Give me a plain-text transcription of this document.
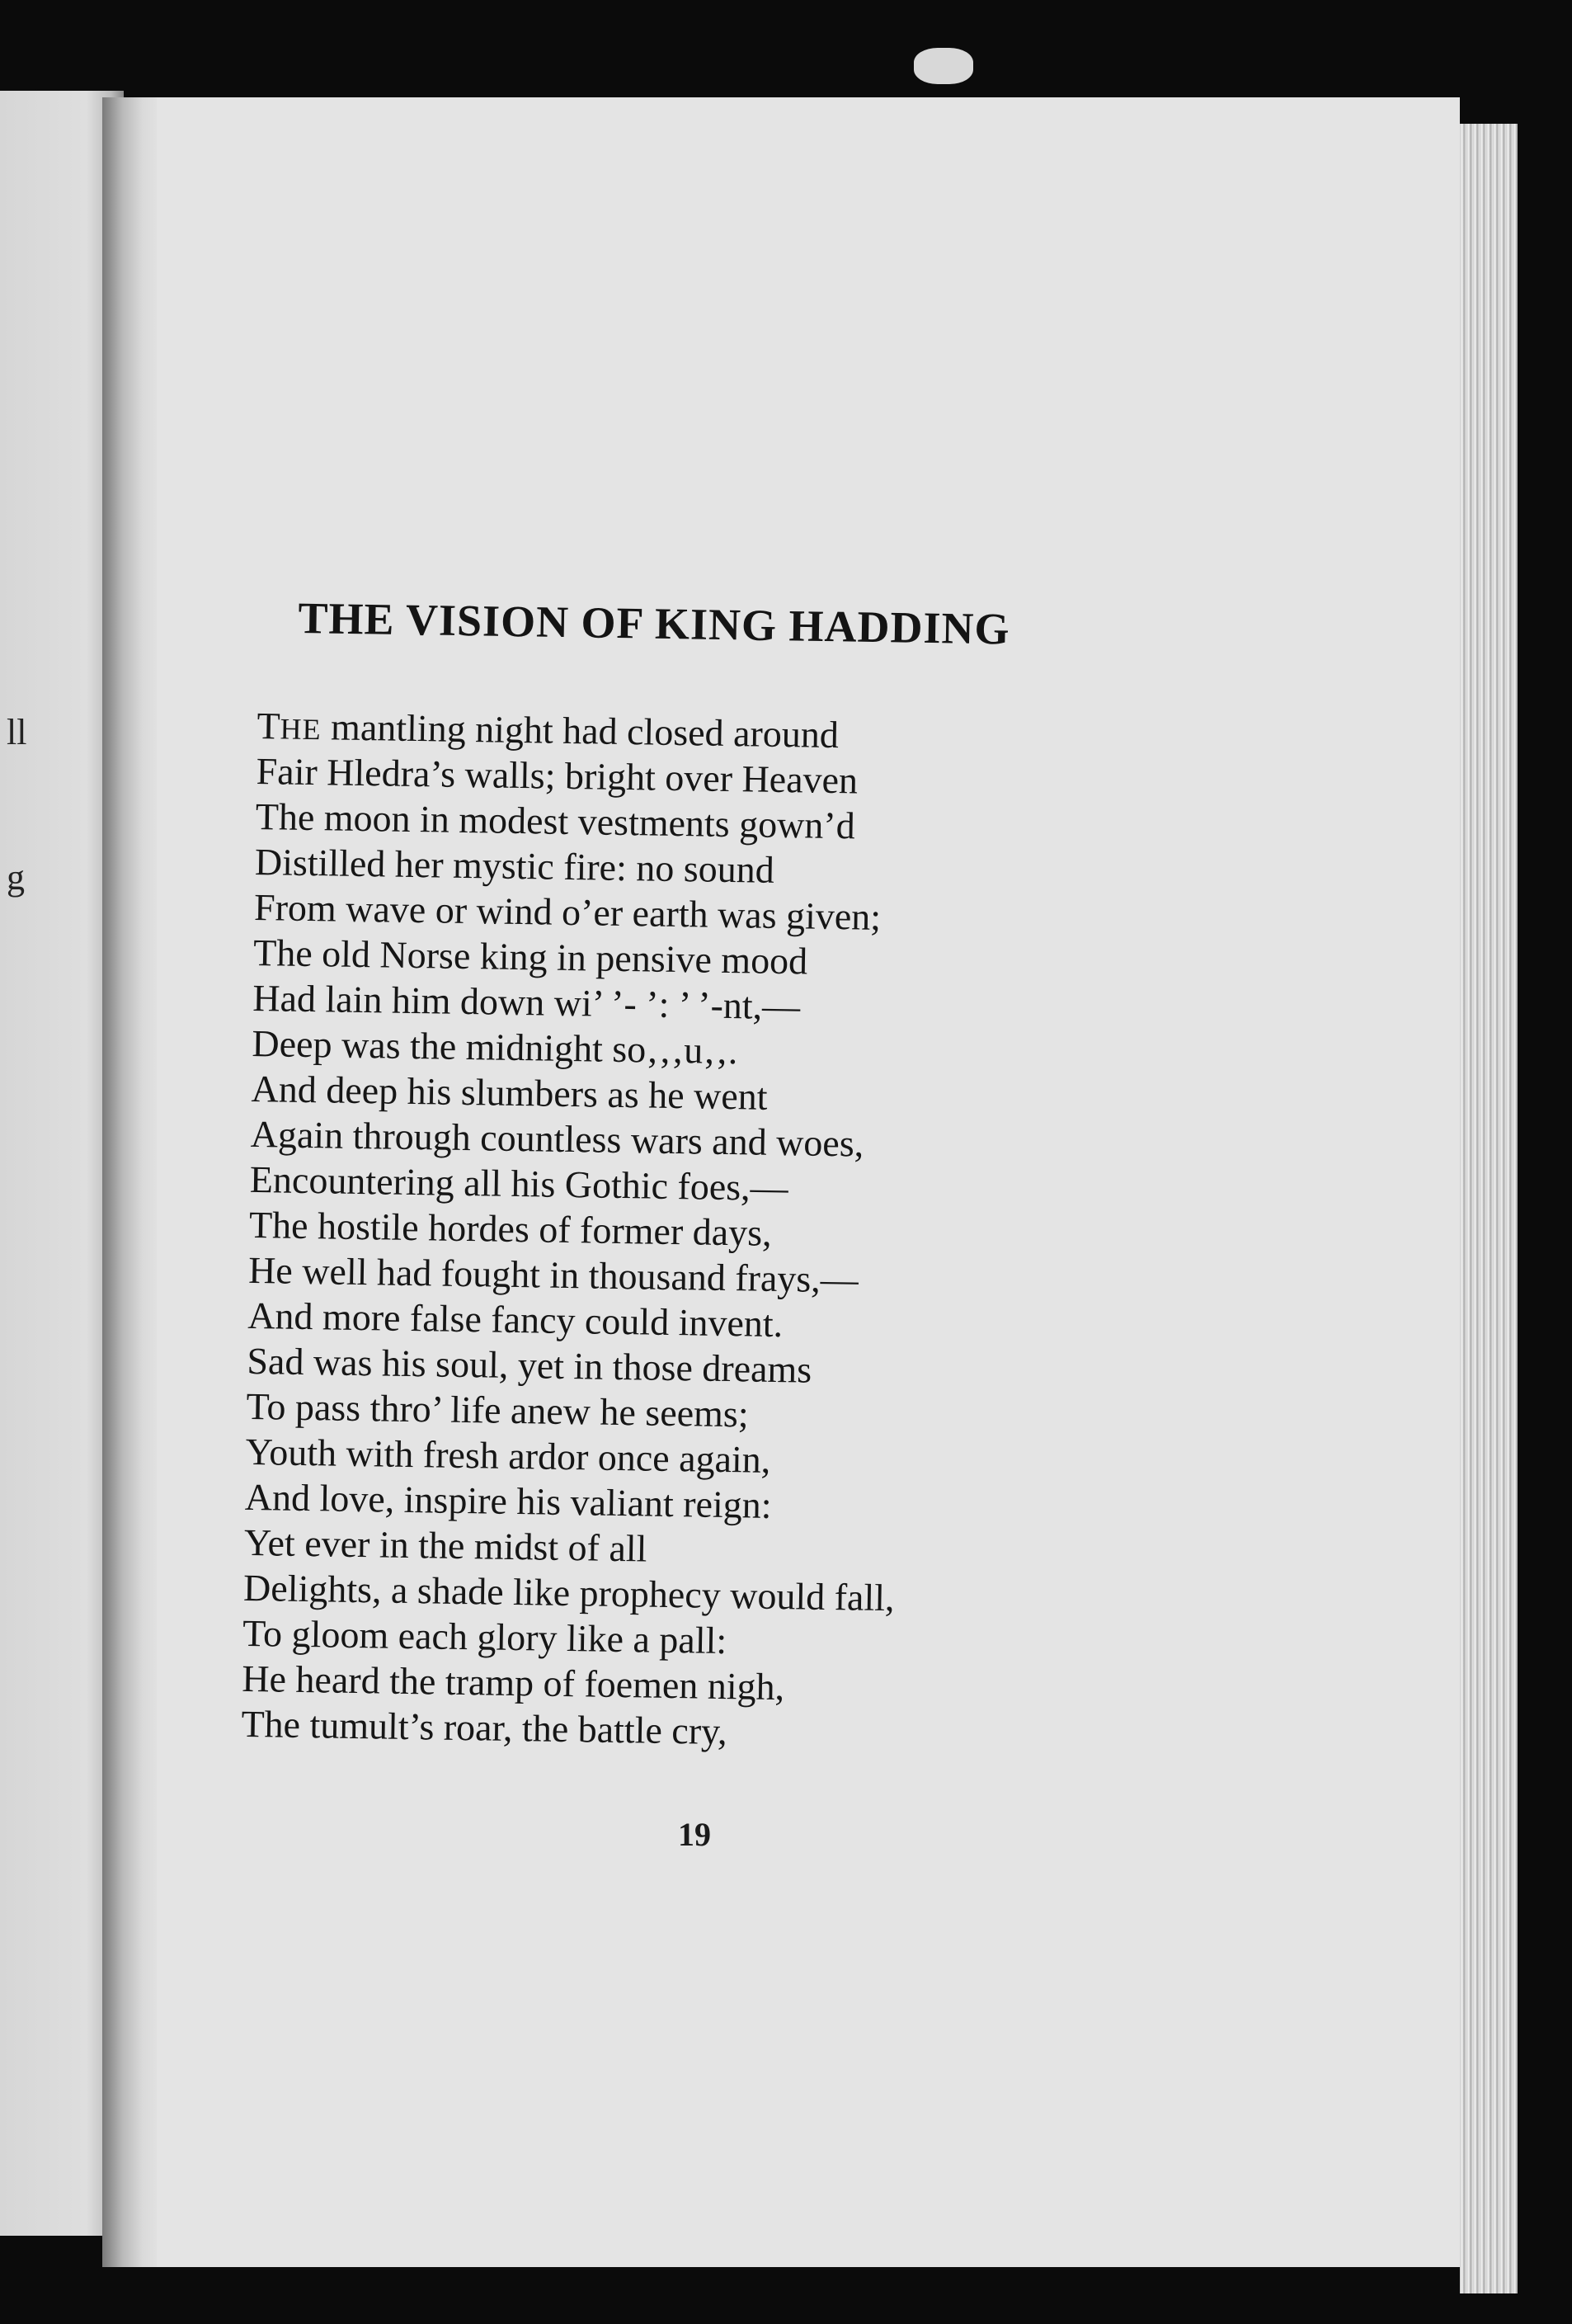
ll
g
THE VISION OF KING HADDING
THE mantling night had closed around
Fair Hledra’s walls; bright over Heaven
The moon in modest vestments gown’d
Distilled her mystic fire: no sound
From wave or wind o’er earth was given;
The old Norse king in pensive mood
Had lain him down wi’ ’- ’: ’ ’-nt,—
Deep was the midnight so‚‚‚u‚‚.
And deep his slumbers as he went
Again through countless wars and woes,
Encountering all his Gothic foes,—
The hostile hordes of former days,
He well had fought in thousand frays,—
And more false fancy could invent.
Sad was his soul, yet in those dreams
To pass thro’ life anew he seems;
Youth with fresh ardor once again,
And love, inspire his valiant reign:
Yet ever in the midst of all
Delights, a shade like prophecy would fall,
To gloom each glory like a pall:
He heard the tramp of foemen nigh,
The tumult’s roar, the battle cry,
19
